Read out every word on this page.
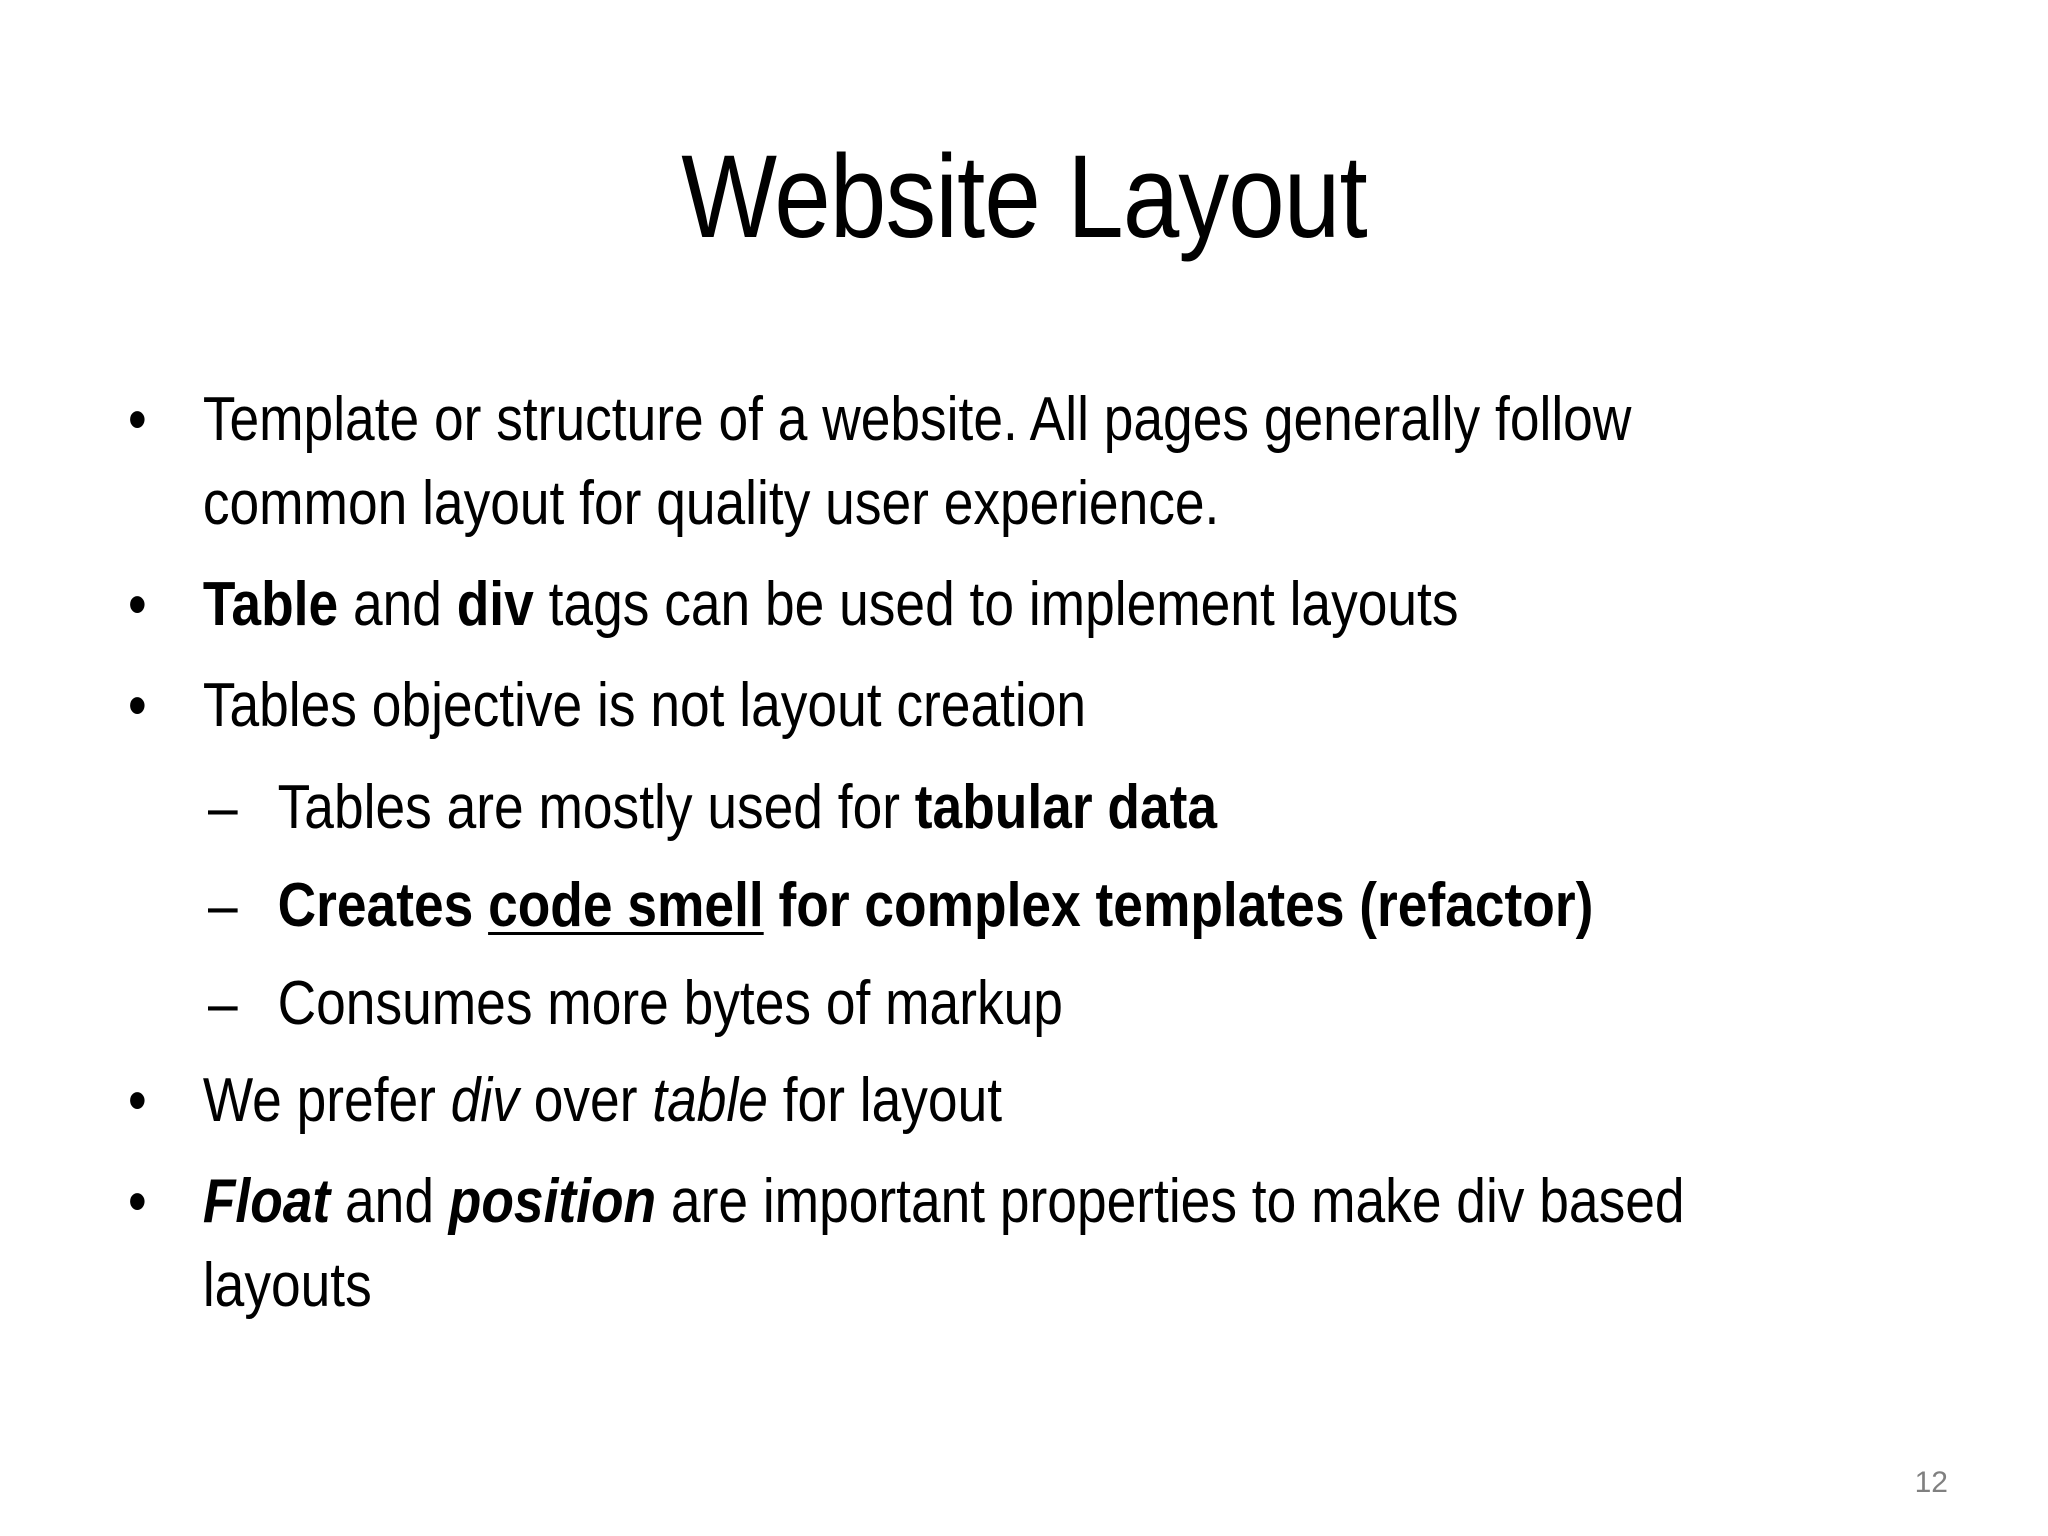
Website Layout
• Template or structure of a website. All pages generally follow
common layout for quality user experience.
• Table and div tags can be used to implement layouts
• Tables objective is not layout creation
– Tables are mostly used for tabular data
– Creates code smell for complex templates (refactor)
– Consumes more bytes of markup
• We prefer div over table for layout
• Float and position are important properties to make div based
layouts
12
